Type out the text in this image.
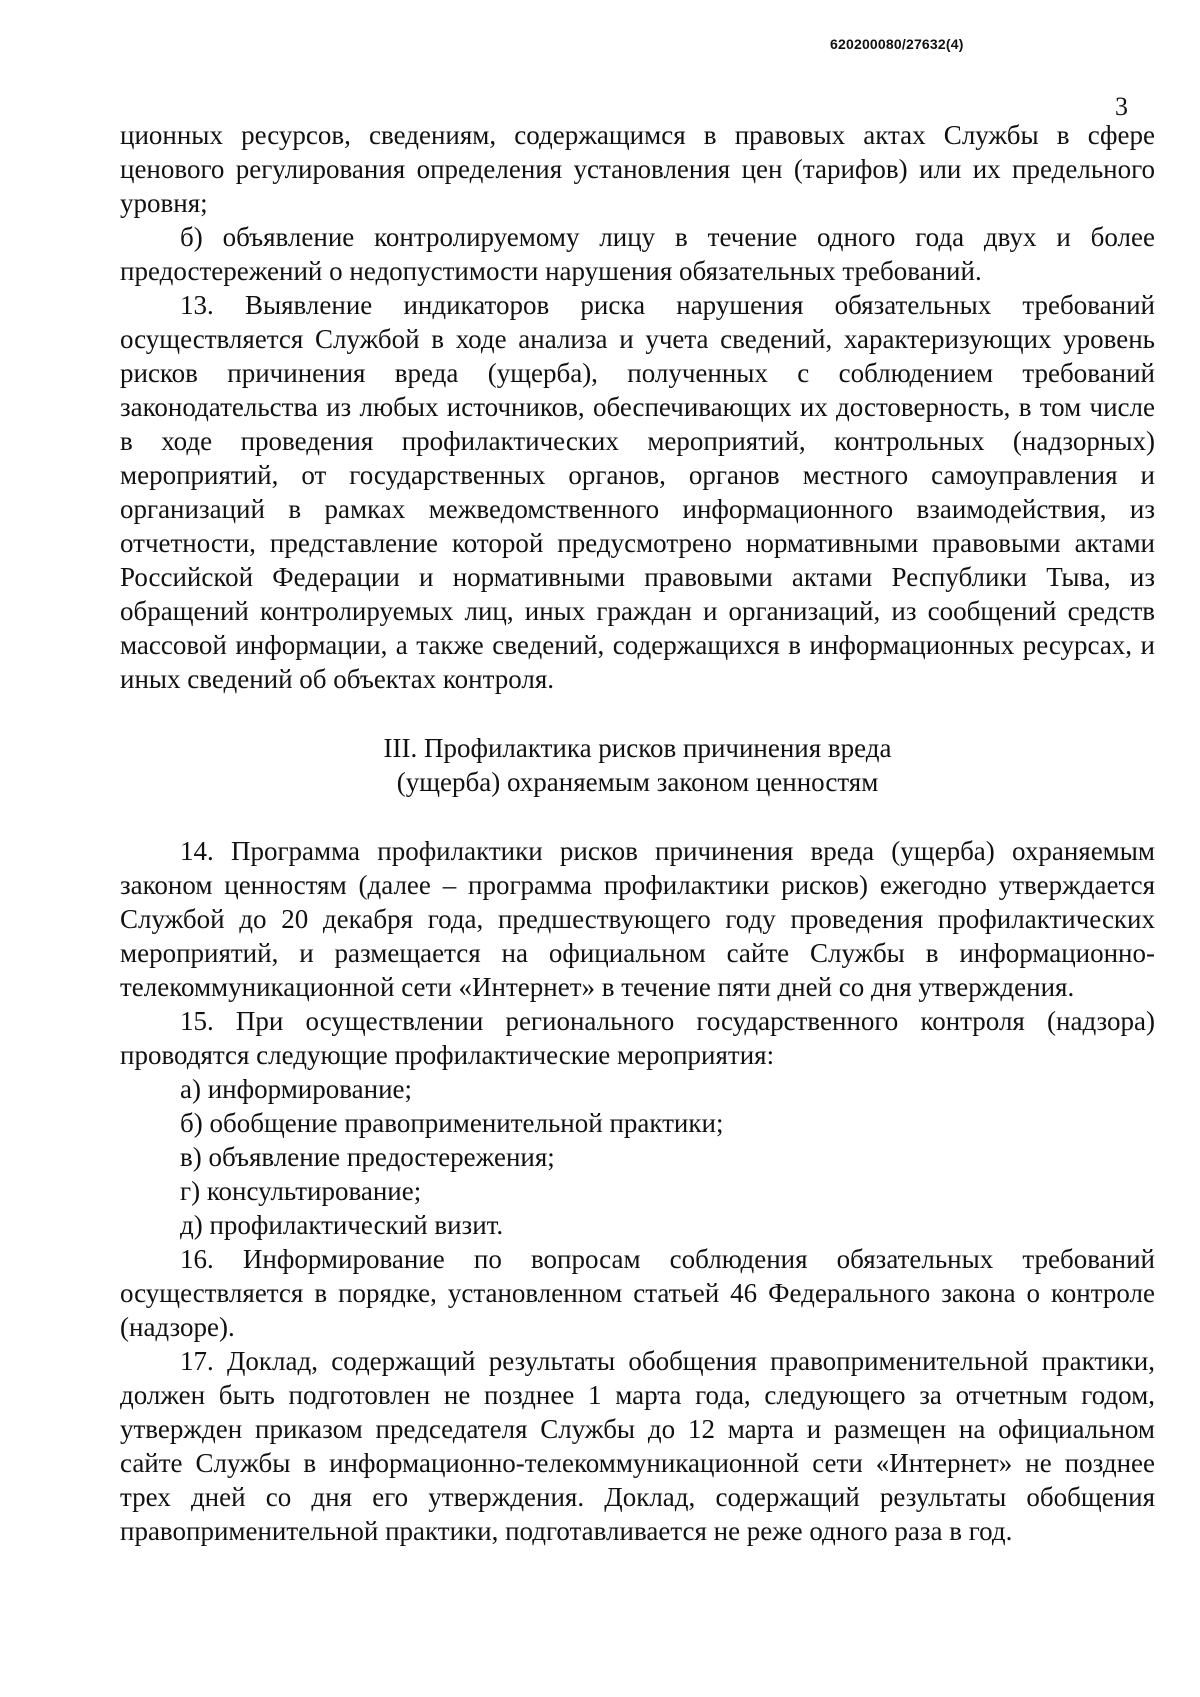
620200080/27632(4)
3

ционных ресурсов, сведениям, содержащимся в правовых актах Службы в сфере ценового регулирования определения установления цен (тарифов) или их предельного уровня;

б) объявление контролируемому лицу в течение одного года двух и более предостережений о недопустимости нарушения обязательных требований.

13. Выявление индикаторов риска нарушения обязательных требований осуществляется Службой в ходе анализа и учета сведений, характеризующих уровень рисков причинения вреда (ущерба), полученных с соблюдением требований законодательства из любых источников, обеспечивающих их достоверность, в том числе в ходе проведения профилактических мероприятий, контрольных (надзорных) мероприятий, от государственных органов, органов местного самоуправления и организаций в рамках межведомственного информационного взаимодействия, из отчетности, представление которой предусмотрено нормативными правовыми актами Российской Федерации и нормативными правовыми актами Республики Тыва, из обращений контролируемых лиц, иных граждан и организаций, из сообщений средств массовой информации, а также сведений, содержащихся в информационных ресурсах, и иных сведений об объектах контроля.

III. Профилактика рисков причинения вреда
(ущерба) охраняемым законом ценностям

14. Программа профилактики рисков причинения вреда (ущерба) охраняемым законом ценностям (далее – программа профилактики рисков) ежегодно утверждается Службой до 20 декабря года, предшествующего году проведения профилактических мероприятий, и размещается на официальном сайте Службы в информационно-телекоммуникационной сети «Интернет» в течение пяти дней со дня утверждения.

15. При осуществлении регионального государственного контроля (надзора) проводятся следующие профилактические мероприятия:

а) информирование;

б) обобщение правоприменительной практики;

в) объявление предостережения;

г) консультирование;

д) профилактический визит.

16. Информирование по вопросам соблюдения обязательных требований осуществляется в порядке, установленном статьей 46 Федерального закона о контроле (надзоре).

17. Доклад, содержащий результаты обобщения правоприменительной практики, должен быть подготовлен не позднее 1 марта года, следующего за отчетным годом, утвержден приказом председателя Службы до 12 марта и размещен на официальном сайте Службы в информационно-телекоммуникационной сети «Интернет» не позднее трех дней со дня его утверждения. Доклад, содержащий результаты обобщения правоприменительной практики, подготавливается не реже одного раза в год.
